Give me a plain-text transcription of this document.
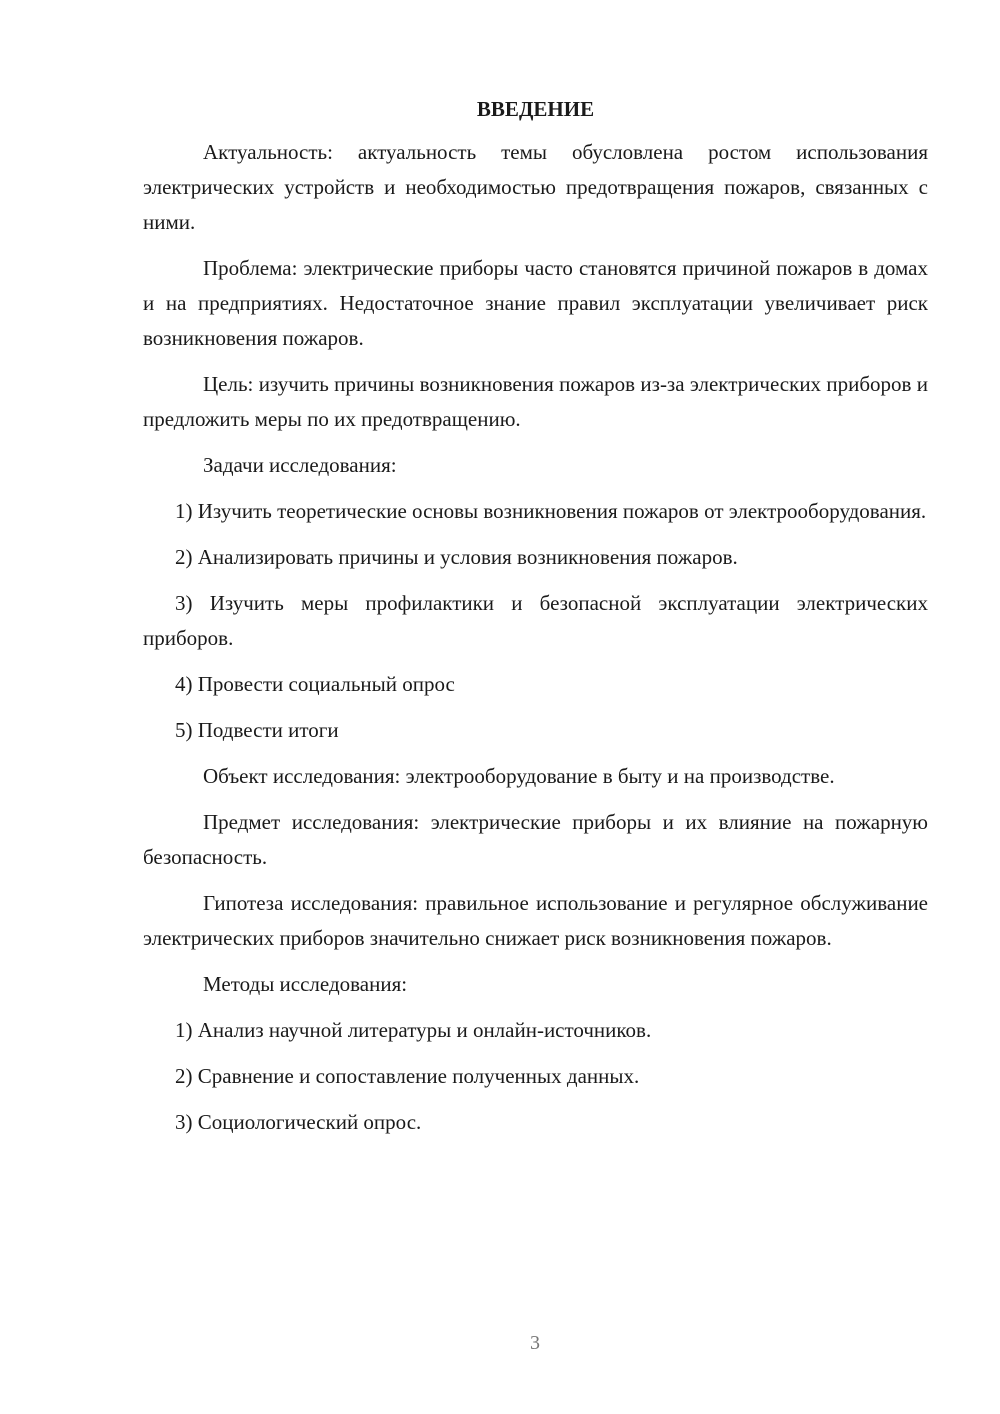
ВВЕДЕНИЕ

Актуальность: актуальность темы обусловлена ростом использования электрических устройств и необходимостью предотвращения пожаров, связанных с ними.

Проблема: электрические приборы часто становятся причиной пожаров в домах и на предприятиях. Недостаточное знание правил эксплуатации увеличивает риск возникновения пожаров.

Цель: изучить причины возникновения пожаров из-за электрических приборов и предложить меры по их предотвращению.

Задачи исследования:

1) Изучить теоретические основы возникновения пожаров от электрооборудования.

2) Анализировать причины и условия возникновения пожаров.

3) Изучить меры профилактики и безопасной эксплуатации электрических приборов.

4) Провести социальный опрос

5) Подвести итоги

Объект исследования: электрооборудование в быту и на производстве.

Предмет исследования: электрические приборы и их влияние на пожарную безопасность.

Гипотеза исследования: правильное использование и регулярное обслуживание электрических приборов значительно снижает риск возникновения пожаров.

Методы исследования:

1) Анализ научной литературы и онлайн-источников.

2) Сравнение и сопоставление полученных данных.

3) Социологический опрос.

3
